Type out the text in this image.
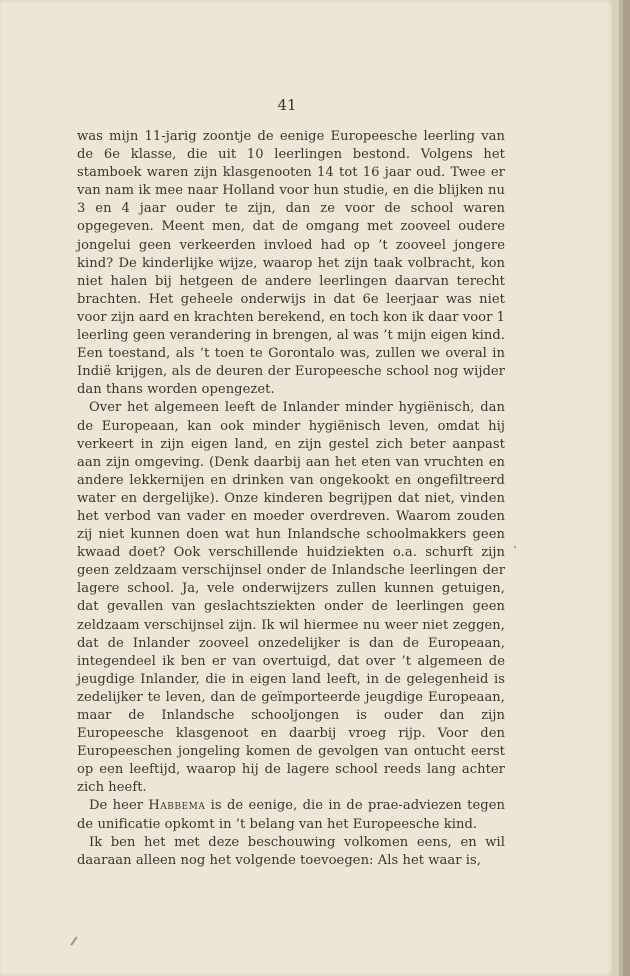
41

was mijn 11-jarig zoontje de eenige Europeesche leerling van de 6e klasse, die uit 10 leerlingen bestond. Volgens het stamboek waren zijn klasgenooten 14 tot 16 jaar oud. Twee er van nam ik mee naar Holland voor hun studie, en die blijken nu 3 en 4 jaar ouder te zijn, dan ze voor de school waren opgegeven. Meent men, dat de omgang met zooveel oudere jongelui geen verkeerden invloed had op ’t zooveel jongere kind? De kinderlijke wijze, waarop het zijn taak volbracht, kon niet halen bij hetgeen de andere leerlingen daarvan terecht brachten. Het geheele onderwijs in dat 6e leerjaar was niet voor zijn aard en krachten berekend, en toch kon ik daar voor 1 leerling geen verandering in brengen, al was ’t mijn eigen kind. Een toestand, als ’t toen te Gorontalo was, zullen we overal in Indië krijgen, als de deuren der Europeesche school nog wijder dan thans worden opengezet.

Over het algemeen leeft de Inlander minder hygiënisch, dan de Europeaan, kan ook minder hygiënisch leven, omdat hij verkeert in zijn eigen land, en zijn gestel zich beter aanpast aan zijn omgeving. (Denk daarbij aan het eten van vruchten en andere lekkernijen en drinken van ongekookt en ongefiltreerd water en dergelijke). Onze kinderen begrijpen dat niet, vinden het verbod van vader en moeder overdreven. Waarom zouden zij niet kunnen doen wat hun Inlandsche schoolmakkers geen kwaad doet? Ook verschillende huidziekten o.a. schurft zijn geen zeldzaam verschijnsel onder de Inlandsche leerlingen der lagere school. Ja, vele onderwijzers zullen kunnen getuigen, dat gevallen van geslachtsziekten onder de leerlingen geen zeldzaam verschijnsel zijn. Ik wil hiermee nu weer niet zeggen, dat de Inlander zooveel onzedelijker is dan de Europeaan, integendeel ik ben er van overtuigd, dat over ’t algemeen de jeugdige Inlander, die in eigen land leeft, in de gelegenheid is zedelijker te leven, dan de geïmporteerde jeugdige Europeaan, maar de Inlandsche schooljongen is ouder dan zijn Europeesche klasgenoot en daarbij vroeg rijp. Voor den Europeeschen jongeling komen de gevolgen van ontucht eerst op een leeftijd, waarop hij de lagere school reeds lang achter zich heeft.

De heer Habbema is de eenige, die in de prae-adviezen tegen de unificatie opkomt in ’t belang van het Europeesche kind.

Ik ben het met deze beschouwing volkomen eens, en wil daaraan alleen nog het volgende toevoegen: Als het waar is,
